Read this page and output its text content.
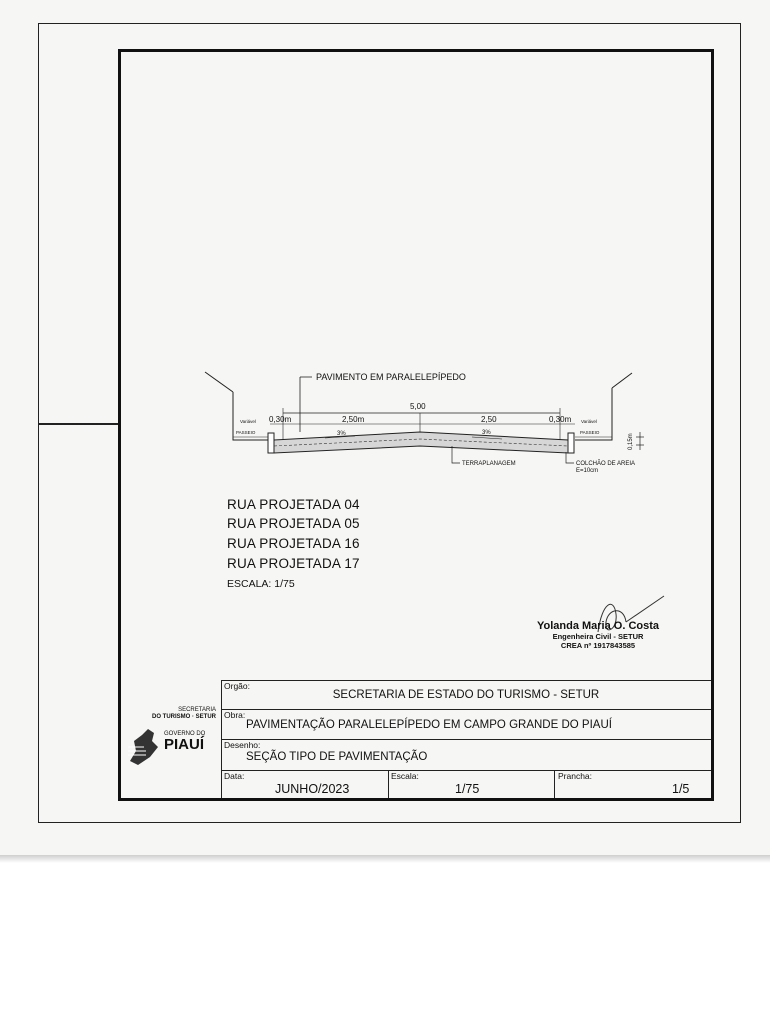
PAVIMENTO EM PARALELEPÍPEDO
5,00
0,30m	2,50m	2,50	0,30m
3%	3%
Variável
PASSEIO
Variável
PASSEIO
TERRAPLANAGEM	COLCHÃO DE AREIA
E=10cm
0,15m
RUA PROJETADA 04
RUA PROJETADA 05
RUA PROJETADA 16
RUA PROJETADA 17
ESCALA: 1/75
Yolanda Maria O. Costa
Engenheira Civil - SETUR
CREA nº 1917843585
SECRETARIA
DO TURISMO · SETUR
GOVERNO DO
PIAUÍ
Orgão:
SECRETARIA DE ESTADO DO TURISMO - SETUR
Obra:
PAVIMENTAÇÃO PARALELEPÍPEDO EM CAMPO GRANDE DO PIAUÍ
Desenho:
SEÇÃO TIPO DE PAVIMENTAÇÃO
Data:
JUNHO/2023
Escala:
1/75
Prancha:
1/5
